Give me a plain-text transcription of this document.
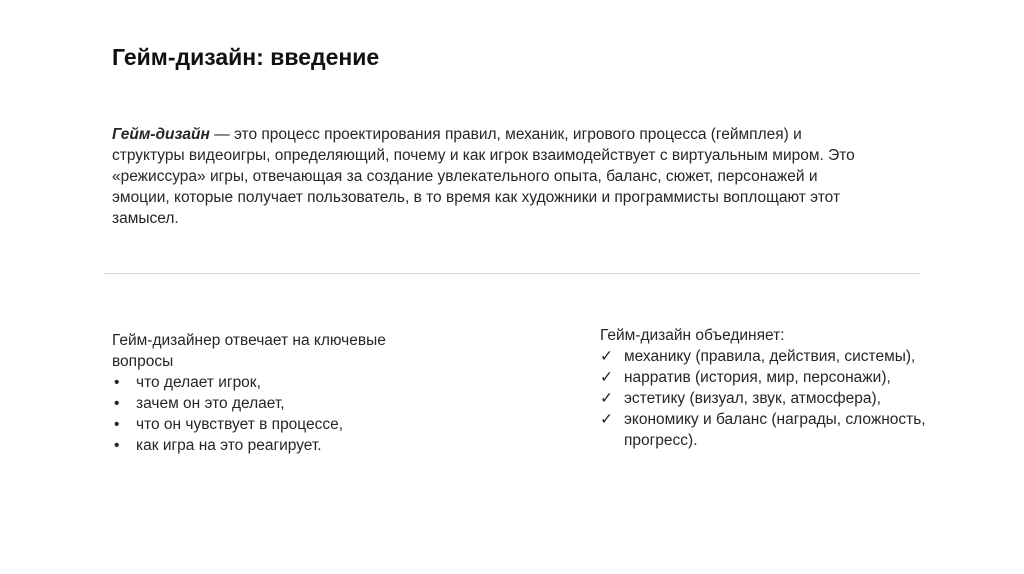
Гейм-дизайн: введение

Гейм-дизайн — это процесс проектирования правил, механик, игрового процесса (геймплея) и структуры видеоигры, определяющий, почему и как игрок взаимодействует с виртуальным миром. Это «режиссура» игры, отвечающая за создание увлекательного опыта, баланс, сюжет, персонажей и эмоции, которые получает пользователь, в то время как художники и программисты воплощают этот замысел.

Гейм-дизайнер отвечает на ключевые вопросы

• что делает игрок,
• зачем он это делает,
• что он чувствует в процессе,
• как игра на это реагирует.

Гейм-дизайн объединяет:

✓ механику (правила, действия, системы),
✓ нарратив (история, мир, персонажи),
✓ эстетику (визуал, звук, атмосфера),
✓ экономику и баланс (награды, сложность, прогресс).
